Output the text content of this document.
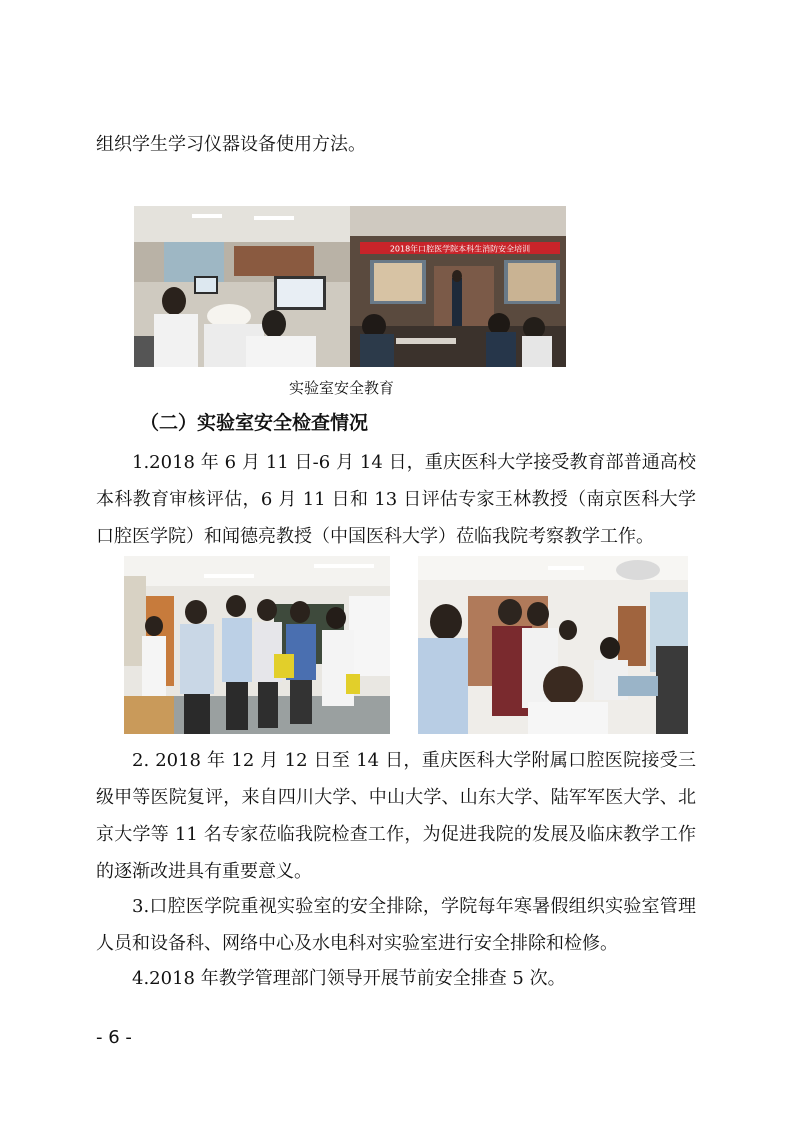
组织学生学习仪器设备使用方法。

2018年口腔医学院本科生消防安全培训
实验室安全教育
（二）实验室安全检查情况

1.2018 年 6 月 11 日-6 月 14 日，重庆医科大学接受教育部普通高校本科教育审核评估，6 月 11 日和 13 日评估专家王林教授（南京医科大学口腔医学院）和闻德亮教授（中国医科大学）莅临我院考察教学工作。

2. 2018 年 12 月 12 日至 14 日，重庆医科大学附属口腔医院接受三级甲等医院复评，来自四川大学、中山大学、山东大学、陆军军医大学、北京大学等 11 名专家莅临我院检查工作，为促进我院的发展及临床教学工作的逐渐改进具有重要意义。

3.口腔医学院重视实验室的安全排除，学院每年寒暑假组织实验室管理人员和设备科、网络中心及水电科对实验室进行安全排除和检修。

4.2018 年教学管理部门领导开展节前安全排查 5 次。

- 6 -
